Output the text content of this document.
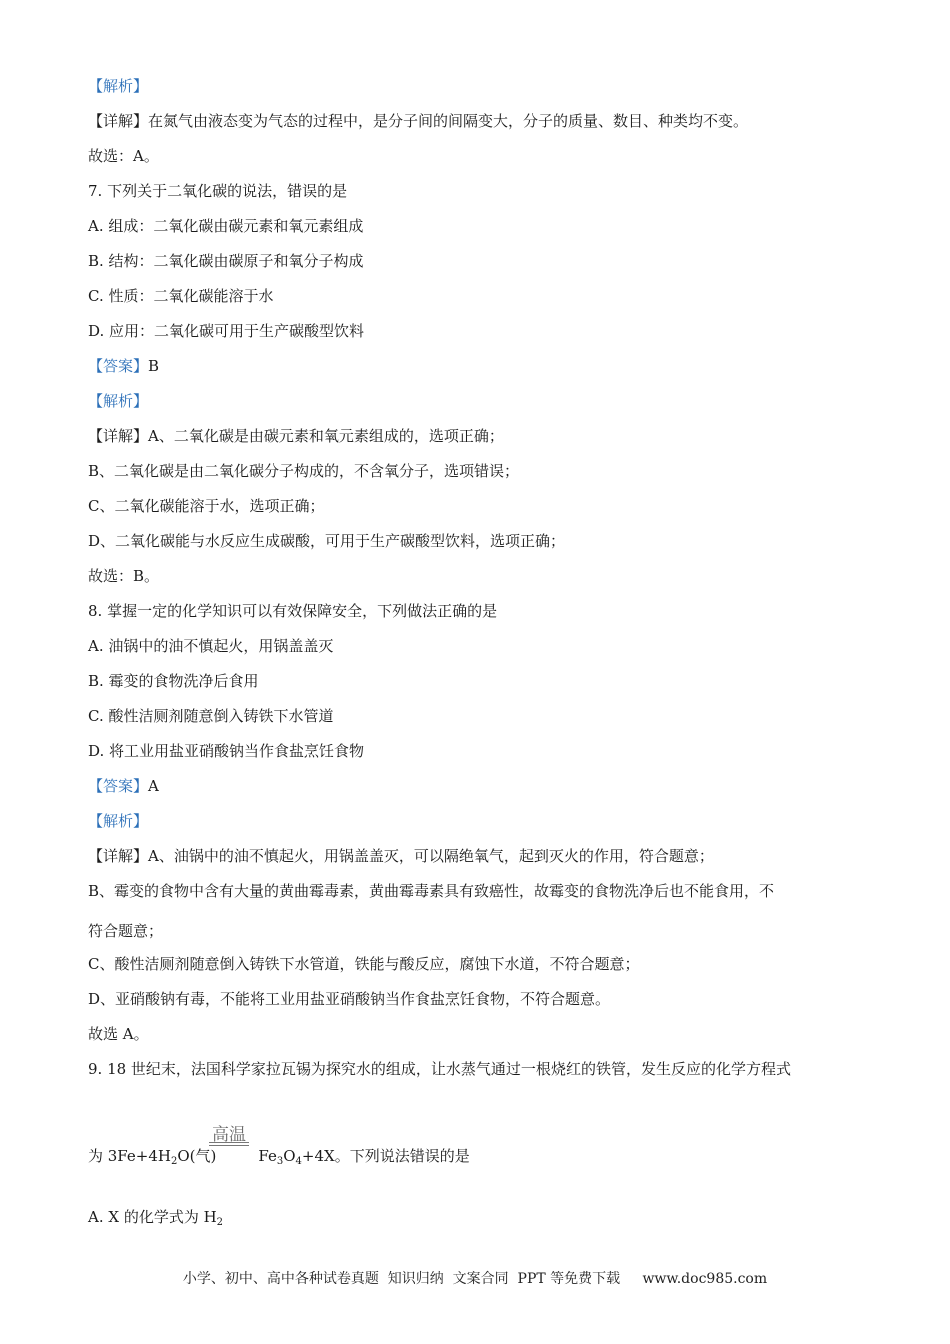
【解析】
【详解】在氮气由液态变为气态的过程中，是分子间的间隔变大，分子的质量、数目、种类均不变。
故选：A。
7. 下列关于二氧化碳的说法，错误的是
A. 组成：二氧化碳由碳元素和氧元素组成
B. 结构：二氧化碳由碳原子和氧分子构成
C. 性质：二氧化碳能溶于水
D. 应用：二氧化碳可用于生产碳酸型饮料
【答案】B
【解析】
【详解】A、二氧化碳是由碳元素和氧元素组成的，选项正确；
B、二氧化碳是由二氧化碳分子构成的，不含氧分子，选项错误；
C、二氧化碳能溶于水，选项正确；
D、二氧化碳能与水反应生成碳酸，可用于生产碳酸型饮料，选项正确；
故选：B。
8. 掌握一定的化学知识可以有效保障安全，下列做法正确的是
A. 油锅中的油不慎起火，用锅盖盖灭
B. 霉变的食物洗净后食用
C. 酸性洁厕剂随意倒入铸铁下水管道
D. 将工业用盐亚硝酸钠当作食盐烹饪食物
【答案】A
【解析】
【详解】A、油锅中的油不慎起火，用锅盖盖灭，可以隔绝氧气，起到灭火的作用，符合题意；
B、霉变的食物中含有大量的黄曲霉毒素，黄曲霉毒素具有致癌性，故霉变的食物洗净后也不能食用，不
符合题意；
C、酸性洁厕剂随意倒入铸铁下水管道，铁能与酸反应，腐蚀下水道，不符合题意；
D、亚硝酸钠有毒，不能将工业用盐亚硝酸钠当作食盐烹饪食物，不符合题意。
故选 A。
9. 18 世纪末，法国科学家拉瓦锡为探究水的组成，让水蒸气通过一根烧红的铁管，发生反应的化学方程式
高温
为 $3Fe+4H_2O$(气)	$Fe_3O_4+4X$。下列说法错误的是
A. X 的化学式为 $H_2$
小学、初中、高中各种试卷真题  知识归纳  文案合同  PPT 等免费下载     www.doc985.com
